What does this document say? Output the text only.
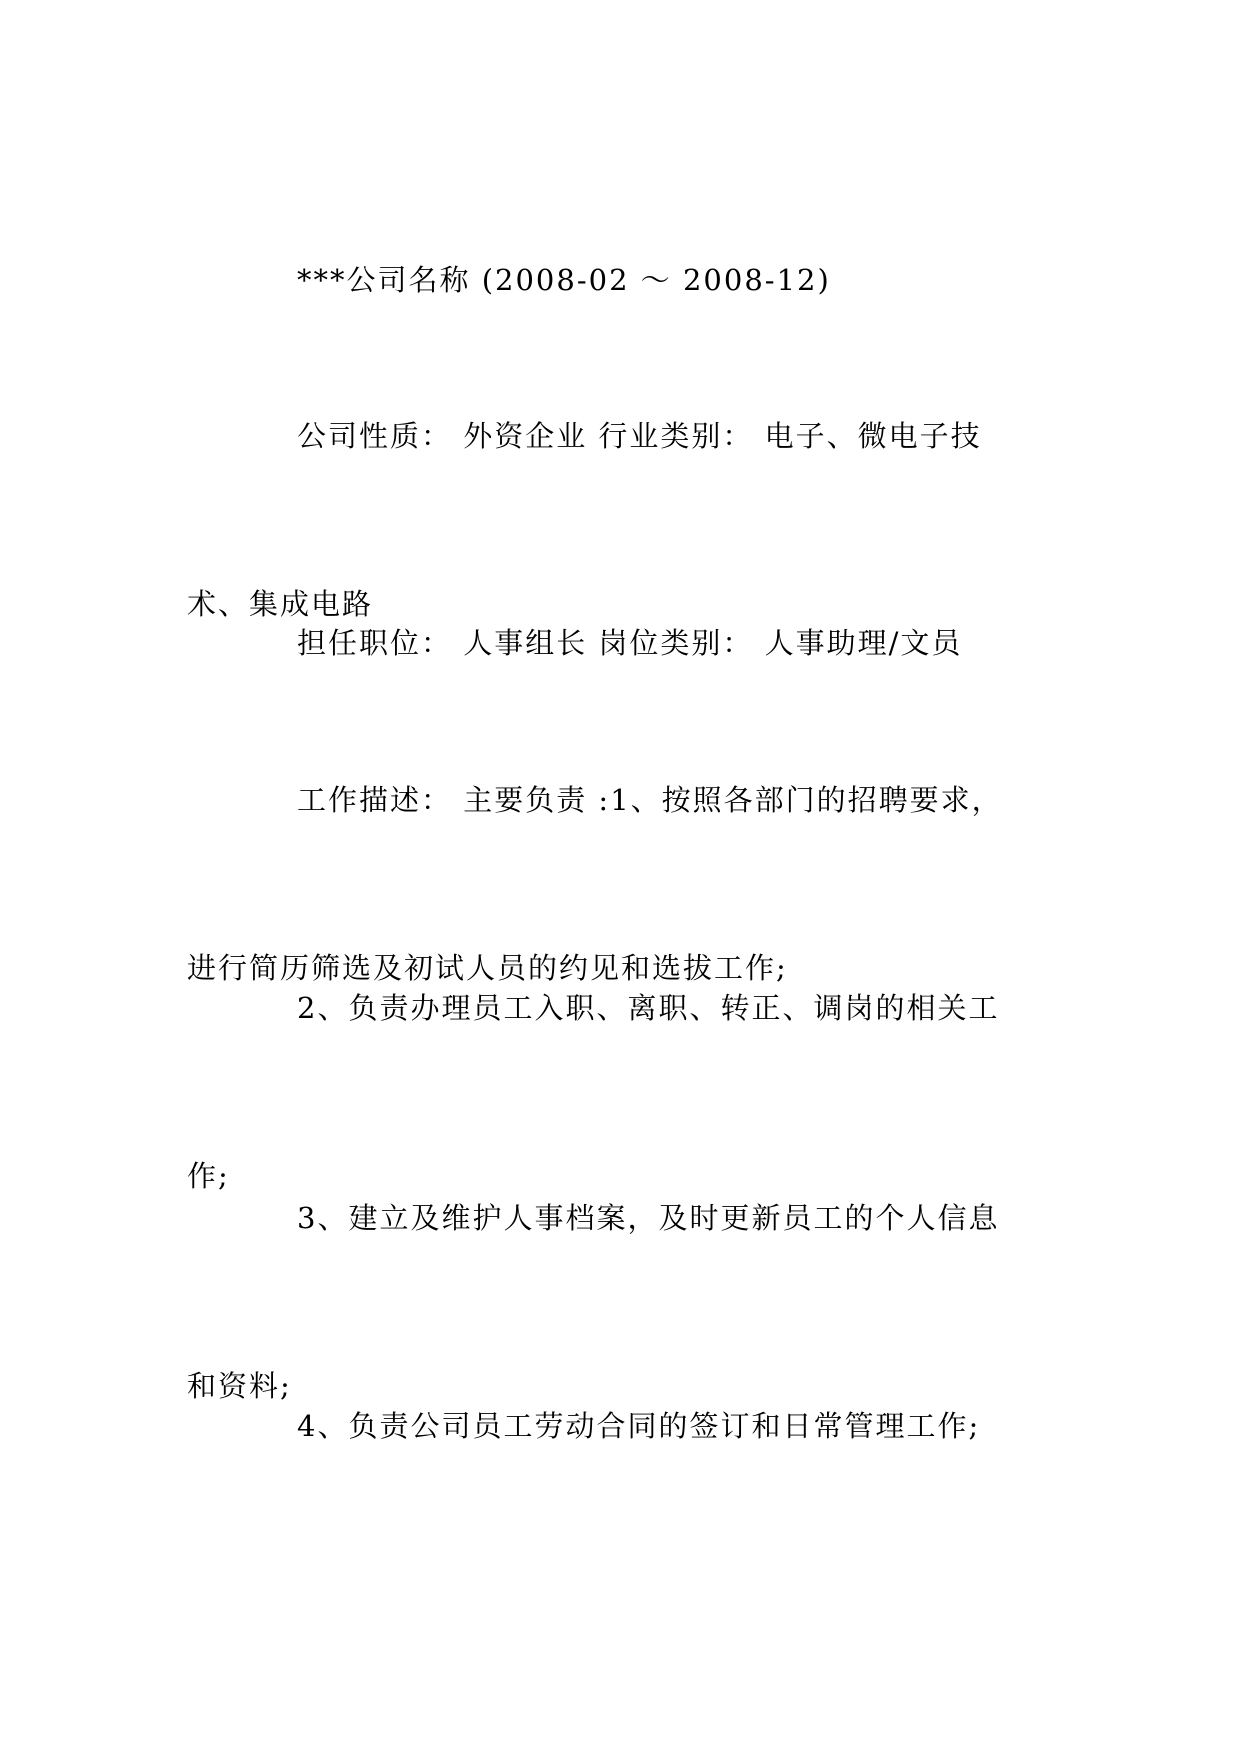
***公司名称 (2008-02 ～ 2008-12)

公司性质： 外资企业 行业类别： 电子、微电子技

术、集成电路

担任职位： 人事组长 岗位类别： 人事助理/文员

工作描述： 主要负责 :1、按照各部门的招聘要求，

进行简历筛选及初试人员的约见和选拔工作;

2、负责办理员工入职、离职、转正、调岗的相关工

作;

3、建立及维护人事档案，及时更新员工的个人信息

和资料;

4、负责公司员工劳动合同的签订和日常管理工作;
